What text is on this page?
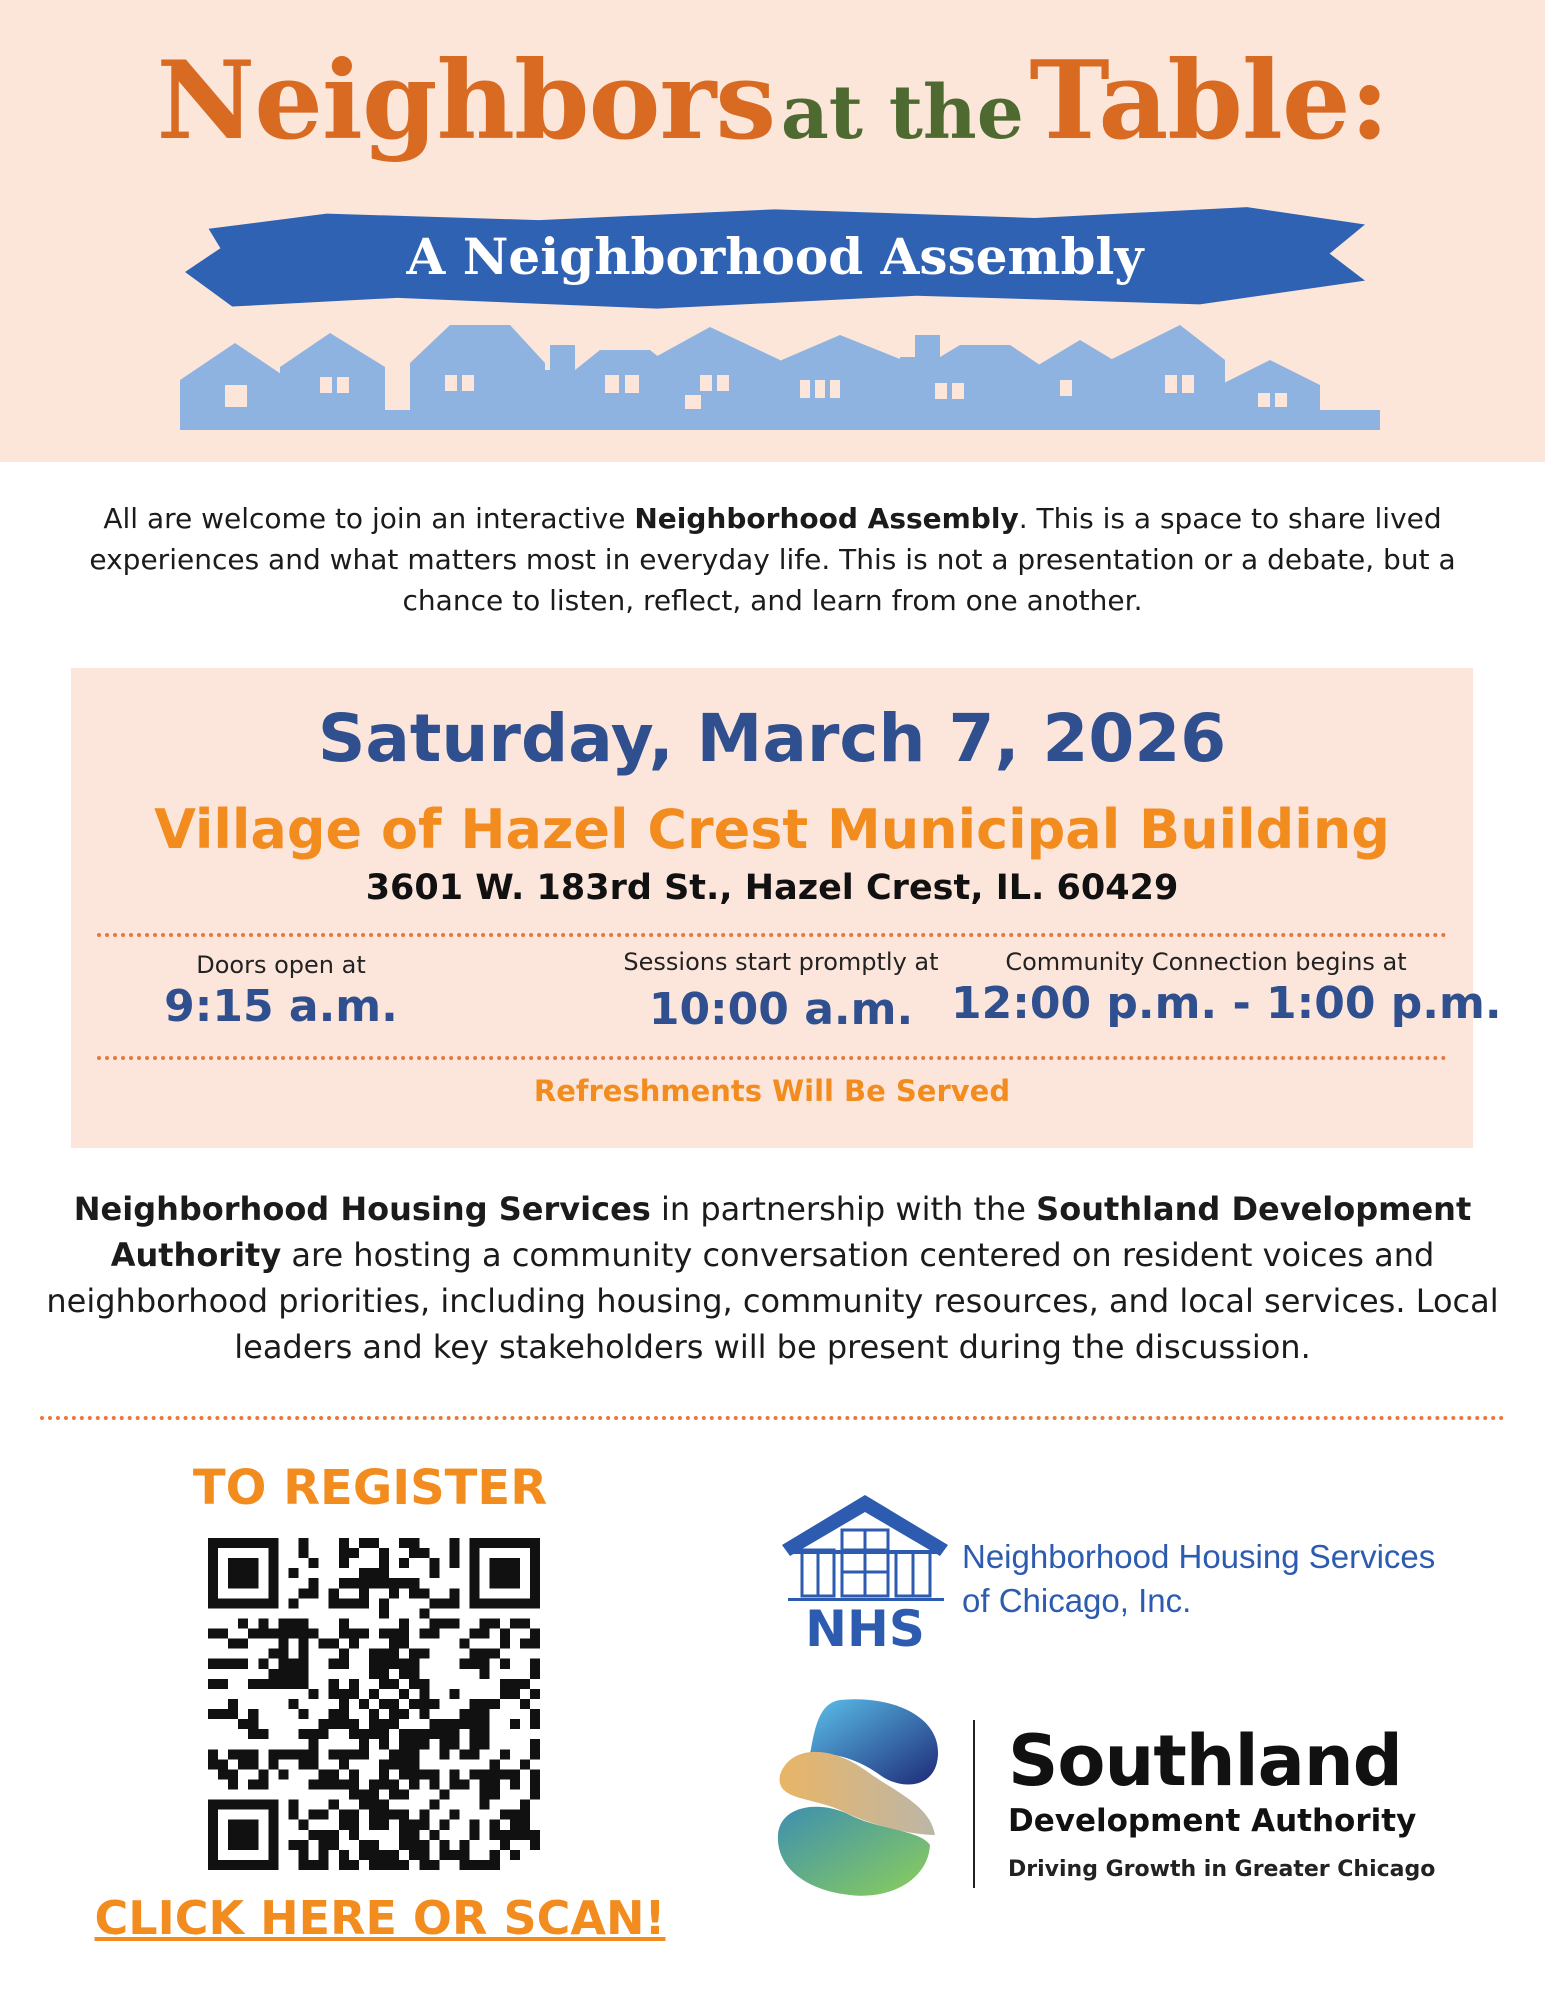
Neighbors at the Table:
A Neighborhood Assembly
All are welcome to join an interactive Neighborhood Assembly. This is a space to share lived experiences and what matters most in everyday life. This is not a presentation or a debate, but a chance to listen, reflect, and learn from one another.
Saturday, March 7, 2026
Village of Hazel Crest Municipal Building
3601 W. 183rd St., Hazel Crest, IL. 60429
Doors open at
9:15 a.m.
Sessions start promptly at
10:00 a.m.
Community Connection begins at
12:00 p.m. - 1:00 p.m.
Refreshments Will Be Served
Neighborhood Housing Services in partnership with the Southland Development Authority are hosting a community conversation centered on resident voices and neighborhood priorities, including housing, community resources, and local services. Local leaders and key stakeholders will be present during the discussion.
TO REGISTER
CLICK HERE OR SCAN!
NHS
Neighborhood Housing Services
of Chicago, Inc.
Southland
Development Authority
Driving Growth in Greater Chicago
